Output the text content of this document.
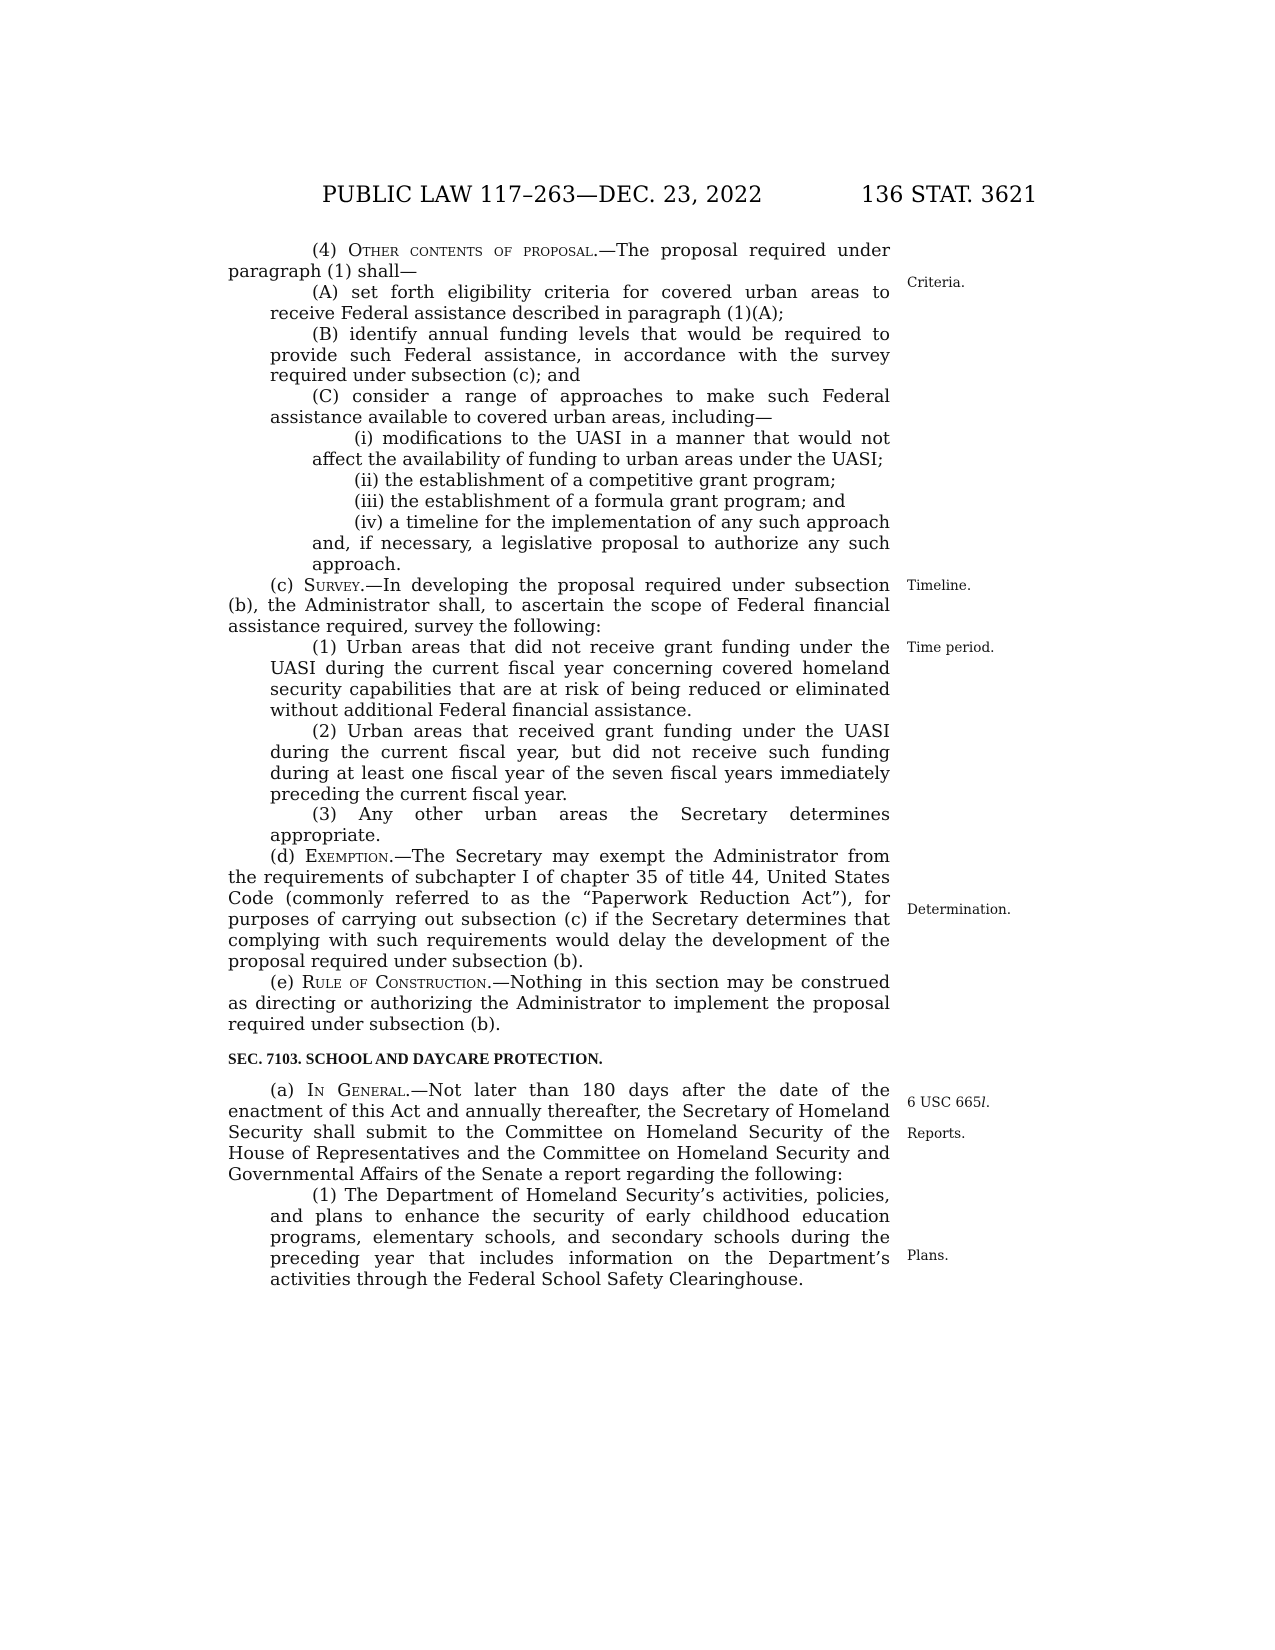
PUBLIC LAW 117–263—DEC. 23, 2022	136 STAT. 3621

(4) Other contents of proposal.—The proposal required under paragraph (1) shall—

(A) set forth eligibility criteria for covered urban areas to receive Federal assistance described in paragraph (1)(A);

(B) identify annual funding levels that would be required to provide such Federal assistance, in accordance with the survey required under subsection (c); and

(C) consider a range of approaches to make such Federal assistance available to covered urban areas, including—

(i) modifications to the UASI in a manner that would not affect the availability of funding to urban areas under the UASI;

(ii) the establishment of a competitive grant program;

(iii) the establishment of a formula grant program; and

(iv) a timeline for the implementation of any such approach and, if necessary, a legislative proposal to authorize any such approach.

(c) Survey.—In developing the proposal required under subsection (b), the Administrator shall, to ascertain the scope of Federal financial assistance required, survey the following:

(1) Urban areas that did not receive grant funding under the UASI during the current fiscal year concerning covered homeland security capabilities that are at risk of being reduced or eliminated without additional Federal financial assistance.

(2) Urban areas that received grant funding under the UASI during the current fiscal year, but did not receive such funding during at least one fiscal year of the seven fiscal years immediately preceding the current fiscal year.

(3) Any other urban areas the Secretary determines appropriate.

(d) Exemption.—The Secretary may exempt the Administrator from the requirements of subchapter I of chapter 35 of title 44, United States Code (commonly referred to as the “Paperwork Reduction Act”), for purposes of carrying out subsection (c) if the Secretary determines that complying with such requirements would delay the development of the proposal required under subsection (b).

(e) Rule of Construction.—Nothing in this section may be construed as directing or authorizing the Administrator to implement the proposal required under subsection (b).

SEC. 7103. SCHOOL AND DAYCARE PROTECTION.

(a) In General.—Not later than 180 days after the date of the enactment of this Act and annually thereafter, the Secretary of Homeland Security shall submit to the Committee on Homeland Security of the House of Representatives and the Committee on Homeland Security and Governmental Affairs of the Senate a report regarding the following:

(1) The Department of Homeland Security’s activities, policies, and plans to enhance the security of early childhood education programs, elementary schools, and secondary schools during the preceding year that includes information on the Department’s activities through the Federal School Safety Clearinghouse.

Criteria.
Timeline.
Time period.
Determination.
6 USC 665l.
Reports.
Plans.
